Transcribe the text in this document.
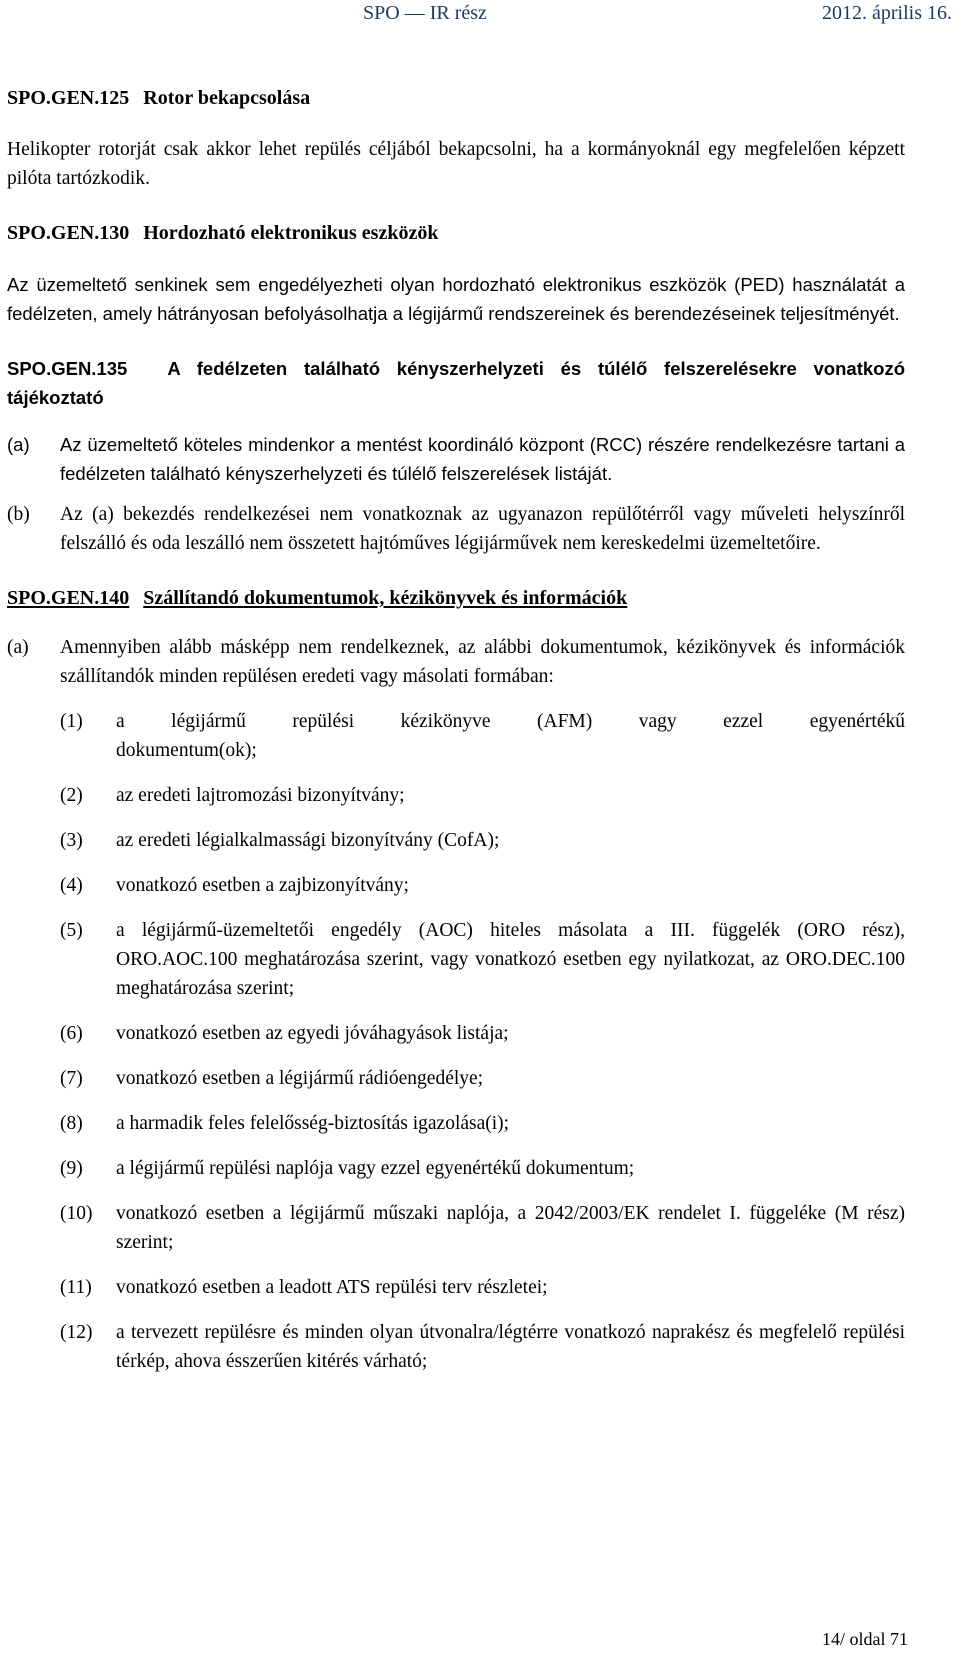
SPO — IR rész	2012. április 16.
SPO.GEN.125 Rotor bekapcsolása

Helikopter rotorját csak akkor lehet repülés céljából bekapcsolni, ha a kormányoknál egy megfelelően képzett pilóta tartózkodik.

SPO.GEN.130 Hordozható elektronikus eszközök

Az üzemeltető senkinek sem engedélyezheti olyan hordozható elektronikus eszközök (PED) használatát a fedélzeten, amely hátrányosan befolyásolhatja a légijármű rendszereinek és berendezéseinek teljesítményét.

SPO.GEN.135 A fedélzeten található kényszerhelyzeti és túlélő felszerelésekre vonatkozó tájékoztató
(a)	Az üzemeltető köteles mindenkor a mentést koordináló központ (RCC) részére rendelkezésre tartani a fedélzeten található kényszerhelyzeti és túlélő felszerelések listáját.
(b)	Az (a) bekezdés rendelkezései nem vonatkoznak az ugyanazon repülőtérről vagy műveleti helyszínről felszálló és oda leszálló nem összetett hajtóműves légijárművek nem kereskedelmi üzemeltetőire.
SPO.GEN.140 Szállítandó dokumentumok, kézikönyvek és információk
(a)	Amennyiben alább másképp nem rendelkeznek, az alábbi dokumentumok, kézikönyvek és információk szállítandók minden repülésen eredeti vagy másolati formában:
(1)	a légijármű repülési kézikönyve (AFM) vagy ezzel egyenértékű dokumentum(ok);
(2)	az eredeti lajtromozási bizonyítvány;
(3)	az eredeti légialkalmassági bizonyítvány (CofA);
(4)	vonatkozó esetben a zajbizonyítvány;
(5)	a légijármű-üzemeltetői engedély (AOC) hiteles másolata a III. függelék (ORO rész), ORO.AOC.100 meghatározása szerint, vagy vonatkozó esetben egy nyilatkozat, az ORO.DEC.100 meghatározása szerint;
(6)	vonatkozó esetben az egyedi jóváhagyások listája;
(7)	vonatkozó esetben a légijármű rádióengedélye;
(8)	a harmadik feles felelősség-biztosítás igazolása(i);
(9)	a légijármű repülési naplója vagy ezzel egyenértékű dokumentum;
(10)	vonatkozó esetben a légijármű műszaki naplója, a 2042/2003/EK rendelet I. függeléke (M rész) szerint;
(11)	vonatkozó esetben a leadott ATS repülési terv részletei;
(12)	a tervezett repülésre és minden olyan útvonalra/légtérre vonatkozó naprakész és megfelelő repülési térkép, ahova ésszerűen kitérés várható;
14/ oldal 71
